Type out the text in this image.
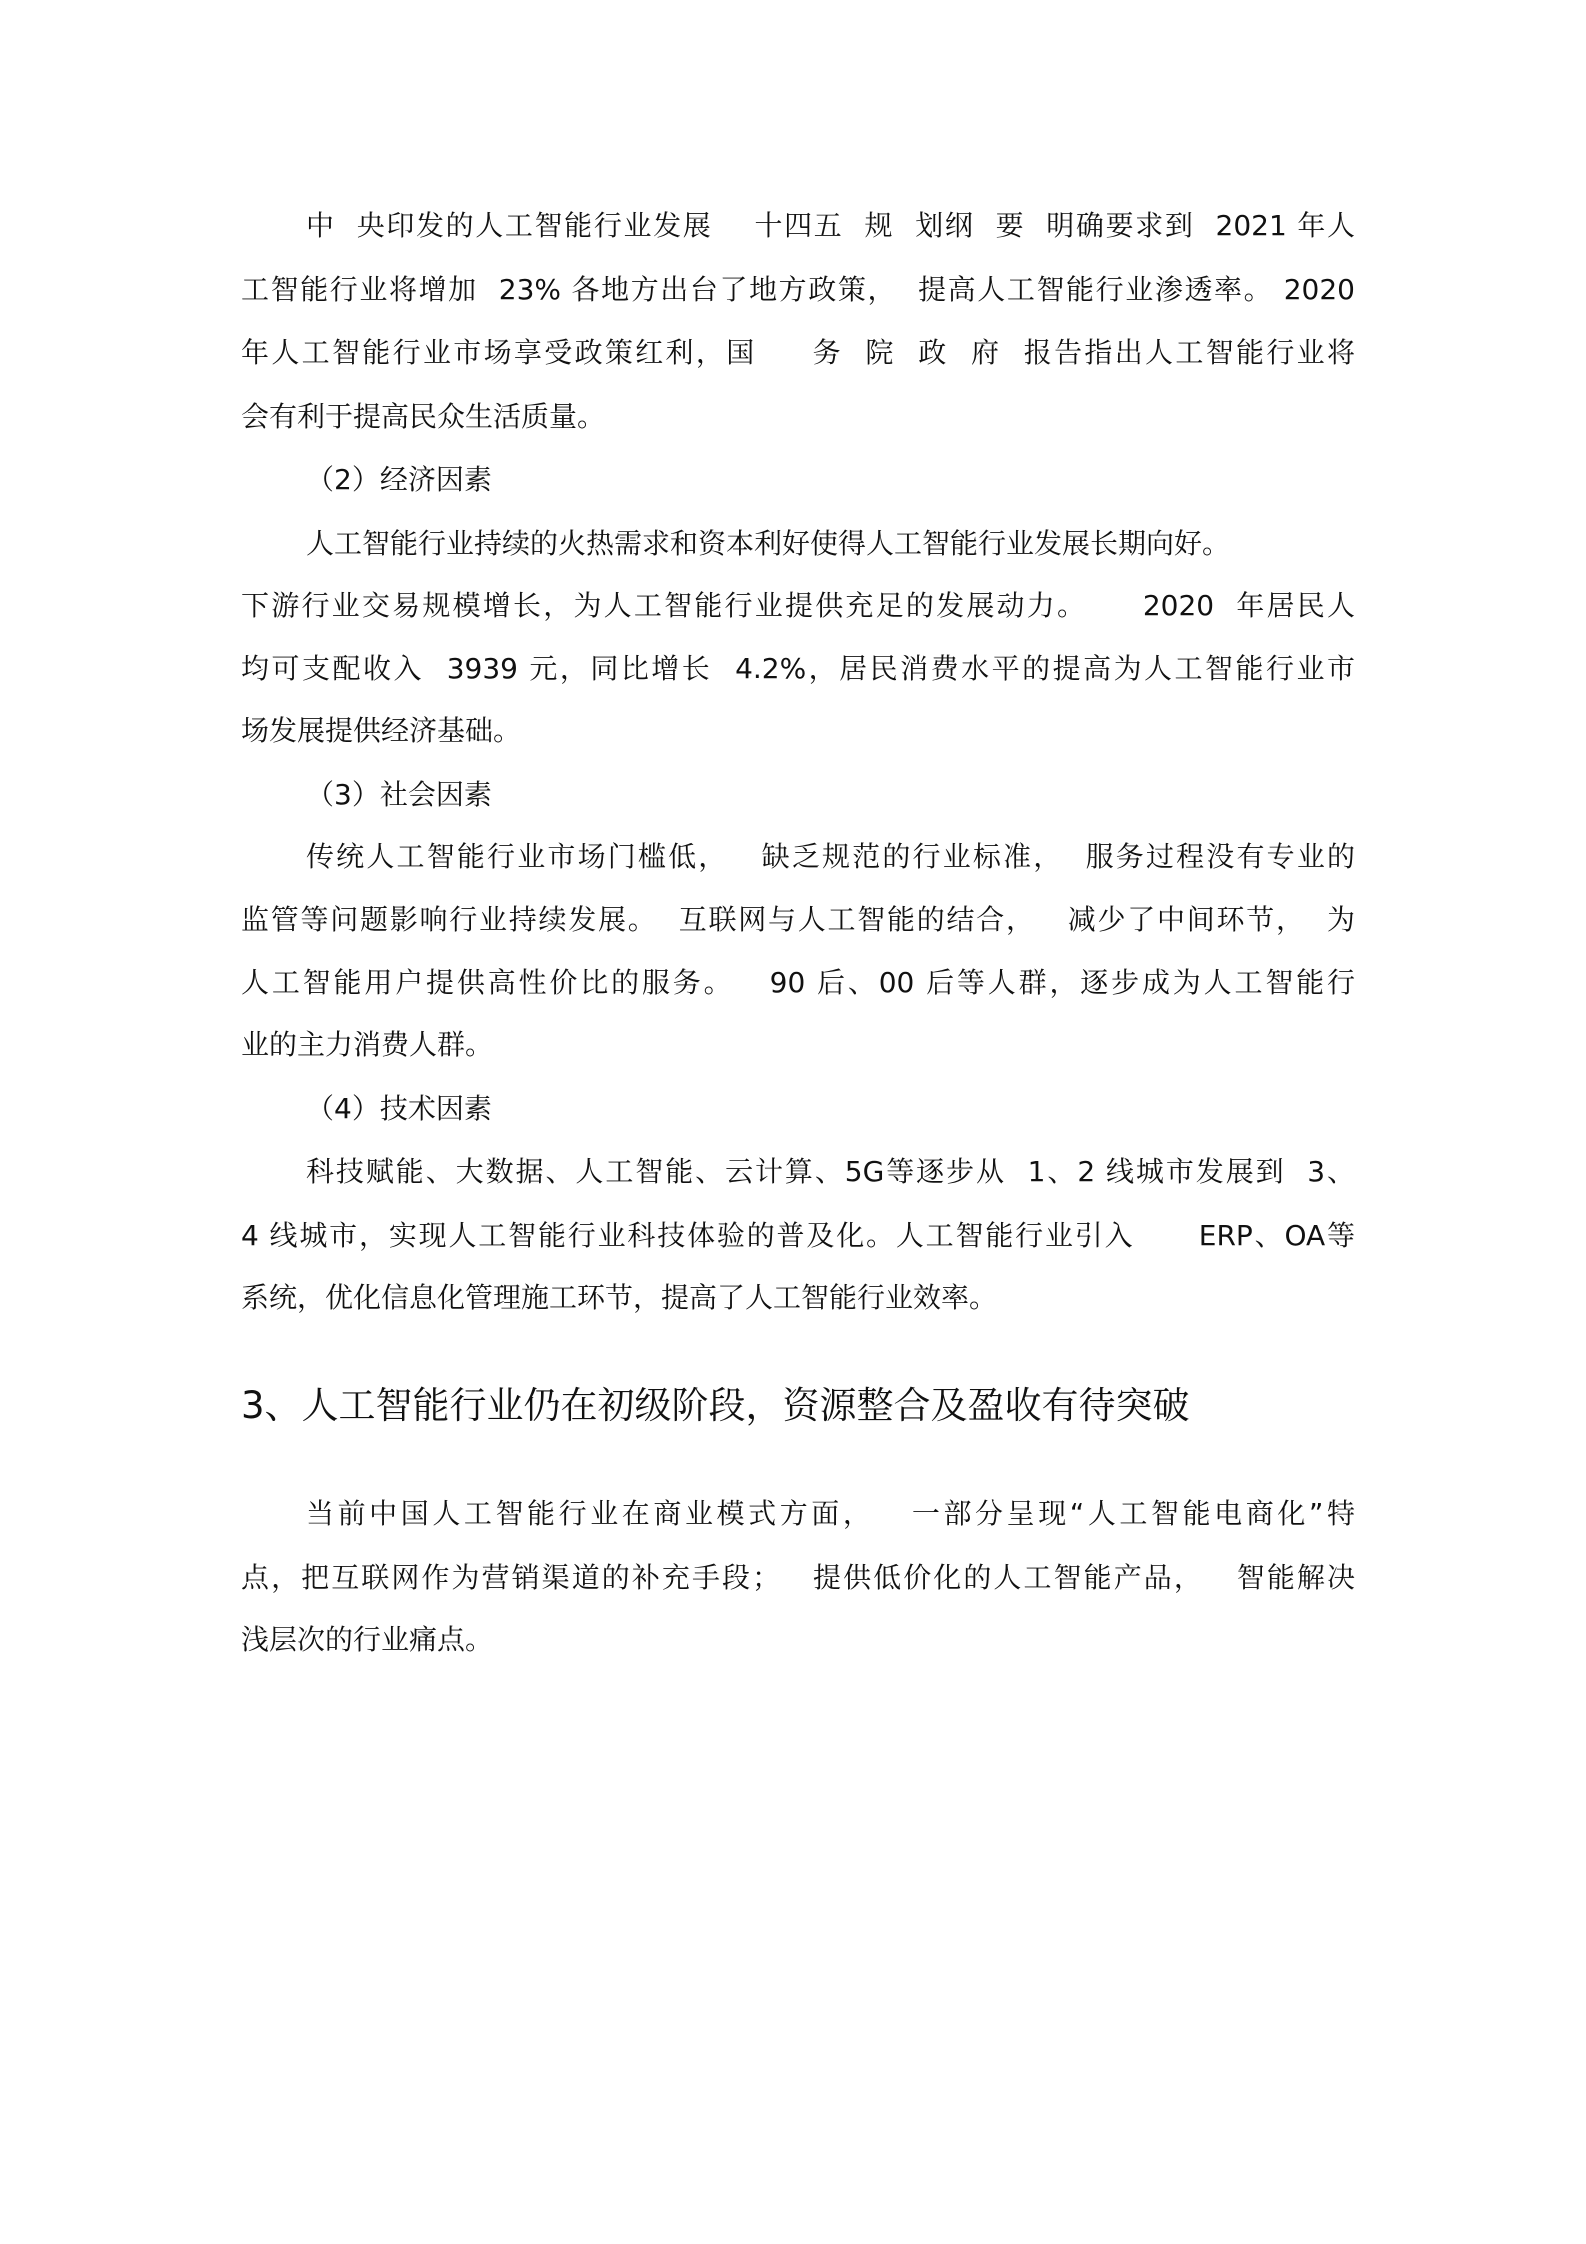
中  央印发的人工智能行业发展    十四五  规  划纲  要  明确要求到  2021 年人
工智能行业将增加  23% 各地方出台了地方政策，  提高人工智能行业渗透率。 2020
年人工智能行业市场享受政策红利，国     务  院  政  府  报告指出人工智能行业将
会有利于提高民众生活质量。
（2）经济因素
人工智能行业持续的火热需求和资本利好使得人工智能行业发展长期向好。
下游行业交易规模增长，为人工智能行业提供充足的发展动力。     2020  年居民人
均可支配收入  3939 元，同比增长  4.2%，居民消费水平的提高为人工智能行业市
场发展提供经济基础。
（3）社会因素
传统人工智能行业市场门槛低，   缺乏规范的行业标准，  服务过程没有专业的
监管等问题影响行业持续发展。  互联网与人工智能的结合，   减少了中间环节，  为
人工智能用户提供高性价比的服务。   90 后、00 后等人群，逐步成为人工智能行
业的主力消费人群。
（4）技术因素
科技赋能、大数据、人工智能、云计算、5G等逐步从  1、2 线城市发展到  3、
4 线城市，实现人工智能行业科技体验的普及化。人工智能行业引入      ERP、OA等
系统，优化信息化管理施工环节，提高了人工智能行业效率。
3、人工智能行业仍在初级阶段，资源整合及盈收有待突破
当前中国人工智能行业在商业模式方面，   一部分呈现“人工智能电商化”特
点，把互联网作为营销渠道的补充手段；   提供低价化的人工智能产品，   智能解决
浅层次的行业痛点。
